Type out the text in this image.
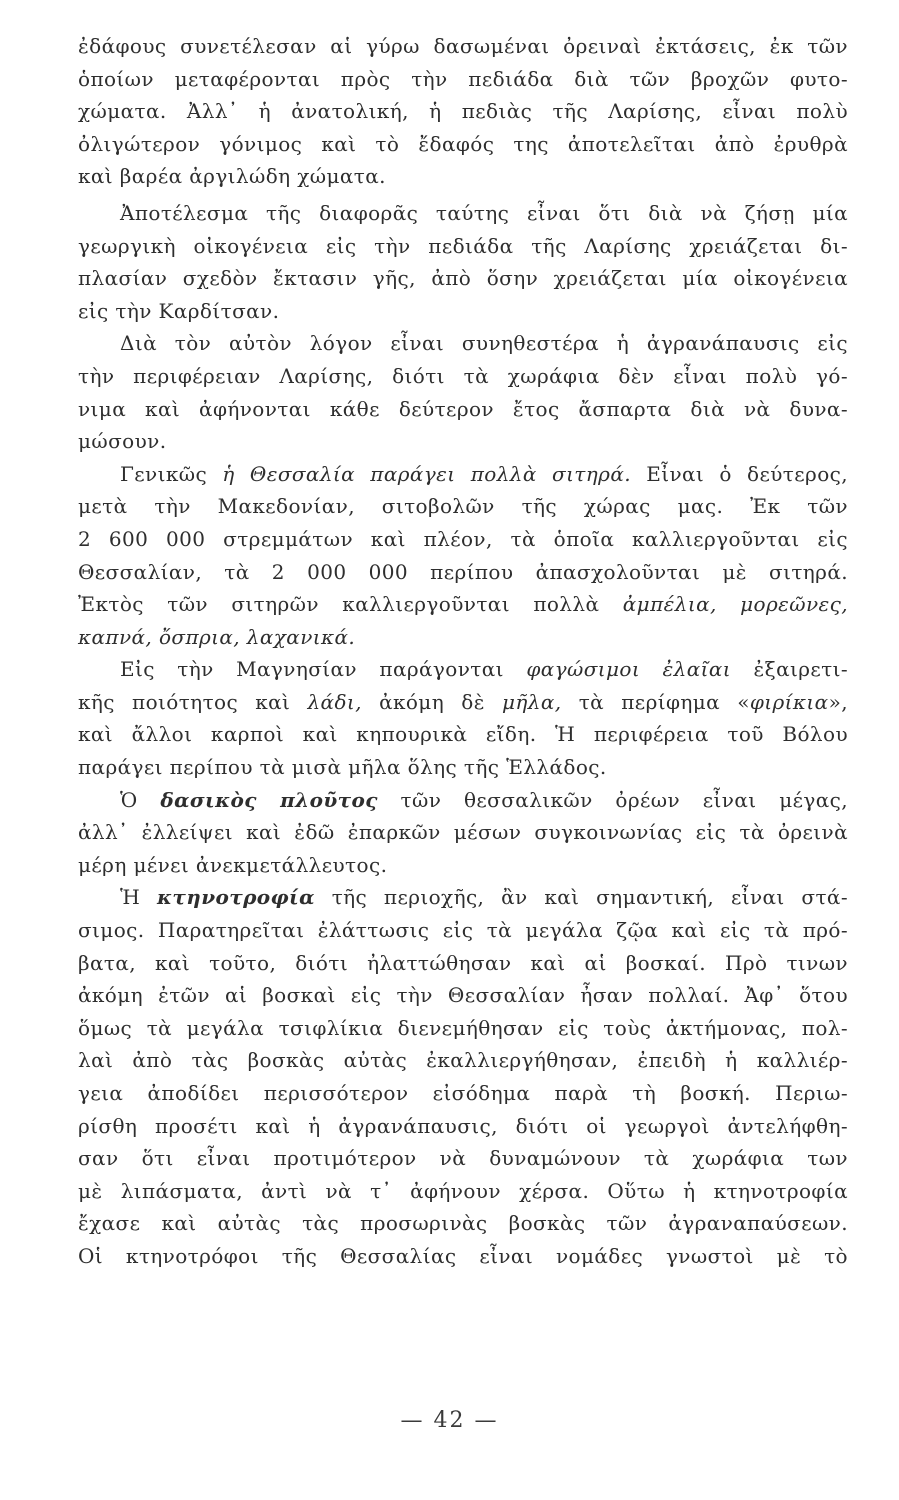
ἐδάφους συνετέλεσαν αἱ γύρω δασωμέναι ὀρειναὶ ἐκτάσεις, ἐκ τῶν
ὁποίων μεταφέρονται πρὸς τὴν πεδιάδα διὰ τῶν βροχῶν φυτο-
χώματα. Ἀλλ᾽ ἡ ἀνατολική, ἡ πεδιὰς τῆς Λαρίσης, εἶναι πολὺ
ὀλιγώτερον γόνιμος καὶ τὸ ἔδαφός της ἀποτελεῖται ἀπὸ ἐρυθρὰ
καὶ βαρέα ἀργιλώδη χώματα.
Ἀποτέλεσμα τῆς διαφορᾶς ταύτης εἶναι ὅτι διὰ νὰ ζήσῃ μία
γεωργικὴ οἰκογένεια εἰς τὴν πεδιάδα τῆς Λαρίσης χρειάζεται δι-
πλασίαν σχεδὸν ἔκτασιν γῆς, ἀπὸ ὅσην χρειάζεται μία οἰκογένεια
εἰς τὴν Καρδίτσαν.
Διὰ τὸν αὐτὸν λόγον εἶναι συνηθεστέρα ἡ ἀγρανάπαυσις εἰς
τὴν περιφέρειαν Λαρίσης, διότι τὰ χωράφια δὲν εἶναι πολὺ γό-
νιμα καὶ ἀφήνονται κάθε δεύτερον ἔτος ἄσπαρτα διὰ νὰ δυνα-
μώσουν.
Γενικῶς ἡ Θεσσαλία παράγει πολλὰ σιτηρά. Εἶναι ὁ δεύτερος,
μετὰ τὴν Μακεδονίαν, σιτοβολῶν τῆς χώρας μας. Ἐκ τῶν
2 600 000 στρεμμάτων καὶ πλέον, τὰ ὁποῖα καλλιεργοῦνται εἰς
Θεσσαλίαν, τὰ 2 000 000 περίπου ἀπασχολοῦνται μὲ σιτηρά.
Ἐκτὸς τῶν σιτηρῶν καλλιεργοῦνται πολλὰ ἀμπέλια, μορεῶνες,
καπνά, ὄσπρια, λαχανικά.
Εἰς τὴν Μαγνησίαν παράγονται φαγώσιμοι ἐλαῖαι ἐξαιρετι-
κῆς ποιότητος καὶ λάδι, ἀκόμη δὲ μῆλα, τὰ περίφημα «φιρίκια»,
καὶ ἄλλοι καρποὶ καὶ κηπουρικὰ εἴδη. Ἡ περιφέρεια τοῦ Βόλου
παράγει περίπου τὰ μισὰ μῆλα ὅλης τῆς Ἑλλάδος.
Ὁ δασικὸς πλοῦτος τῶν θεσσαλικῶν ὀρέων εἶναι μέγας,
ἀλλ᾽ ἐλλείψει καὶ ἐδῶ ἐπαρκῶν μέσων συγκοινωνίας εἰς τὰ ὀρεινὰ
μέρη μένει ἀνεκμετάλλευτος.
Ἡ κτηνοτροφία τῆς περιοχῆς, ἂν καὶ σημαντική, εἶναι στά-
σιμος. Παρατηρεῖται ἐλάττωσις εἰς τὰ μεγάλα ζῷα καὶ εἰς τὰ πρό-
βατα, καὶ τοῦτο, διότι ἠλαττώθησαν καὶ αἱ βοσκαί. Πρὸ τινων
ἀκόμη ἐτῶν αἱ βοσκαὶ εἰς τὴν Θεσσαλίαν ἦσαν πολλαί. Ἀφ᾽ ὅτου
ὅμως τὰ μεγάλα τσιφλίκια διενεμήθησαν εἰς τοὺς ἀκτήμονας, πολ-
λαὶ ἀπὸ τὰς βοσκὰς αὐτὰς ἐκαλλιεργήθησαν, ἐπειδὴ ἡ καλλιέρ-
γεια ἀποδίδει περισσότερον εἰσόδημα παρὰ τὴ βοσκή. Περιω-
ρίσθη προσέτι καὶ ἡ ἀγρανάπαυσις, διότι οἱ γεωργοὶ ἀντελήφθη-
σαν ὅτι εἶναι προτιμότερον νὰ δυναμώνουν τὰ χωράφια των
μὲ λιπάσματα, ἀντὶ νὰ τ᾽ ἀφήνουν χέρσα. Οὕτω ἡ κτηνοτροφία
ἔχασε καὶ αὐτὰς τὰς προσωρινὰς βοσκὰς τῶν ἀγραναπαύσεων.
Οἱ κτηνοτρόφοι τῆς Θεσσαλίας εἶναι νομάδες γνωστοὶ μὲ τὸ
— 42 —
